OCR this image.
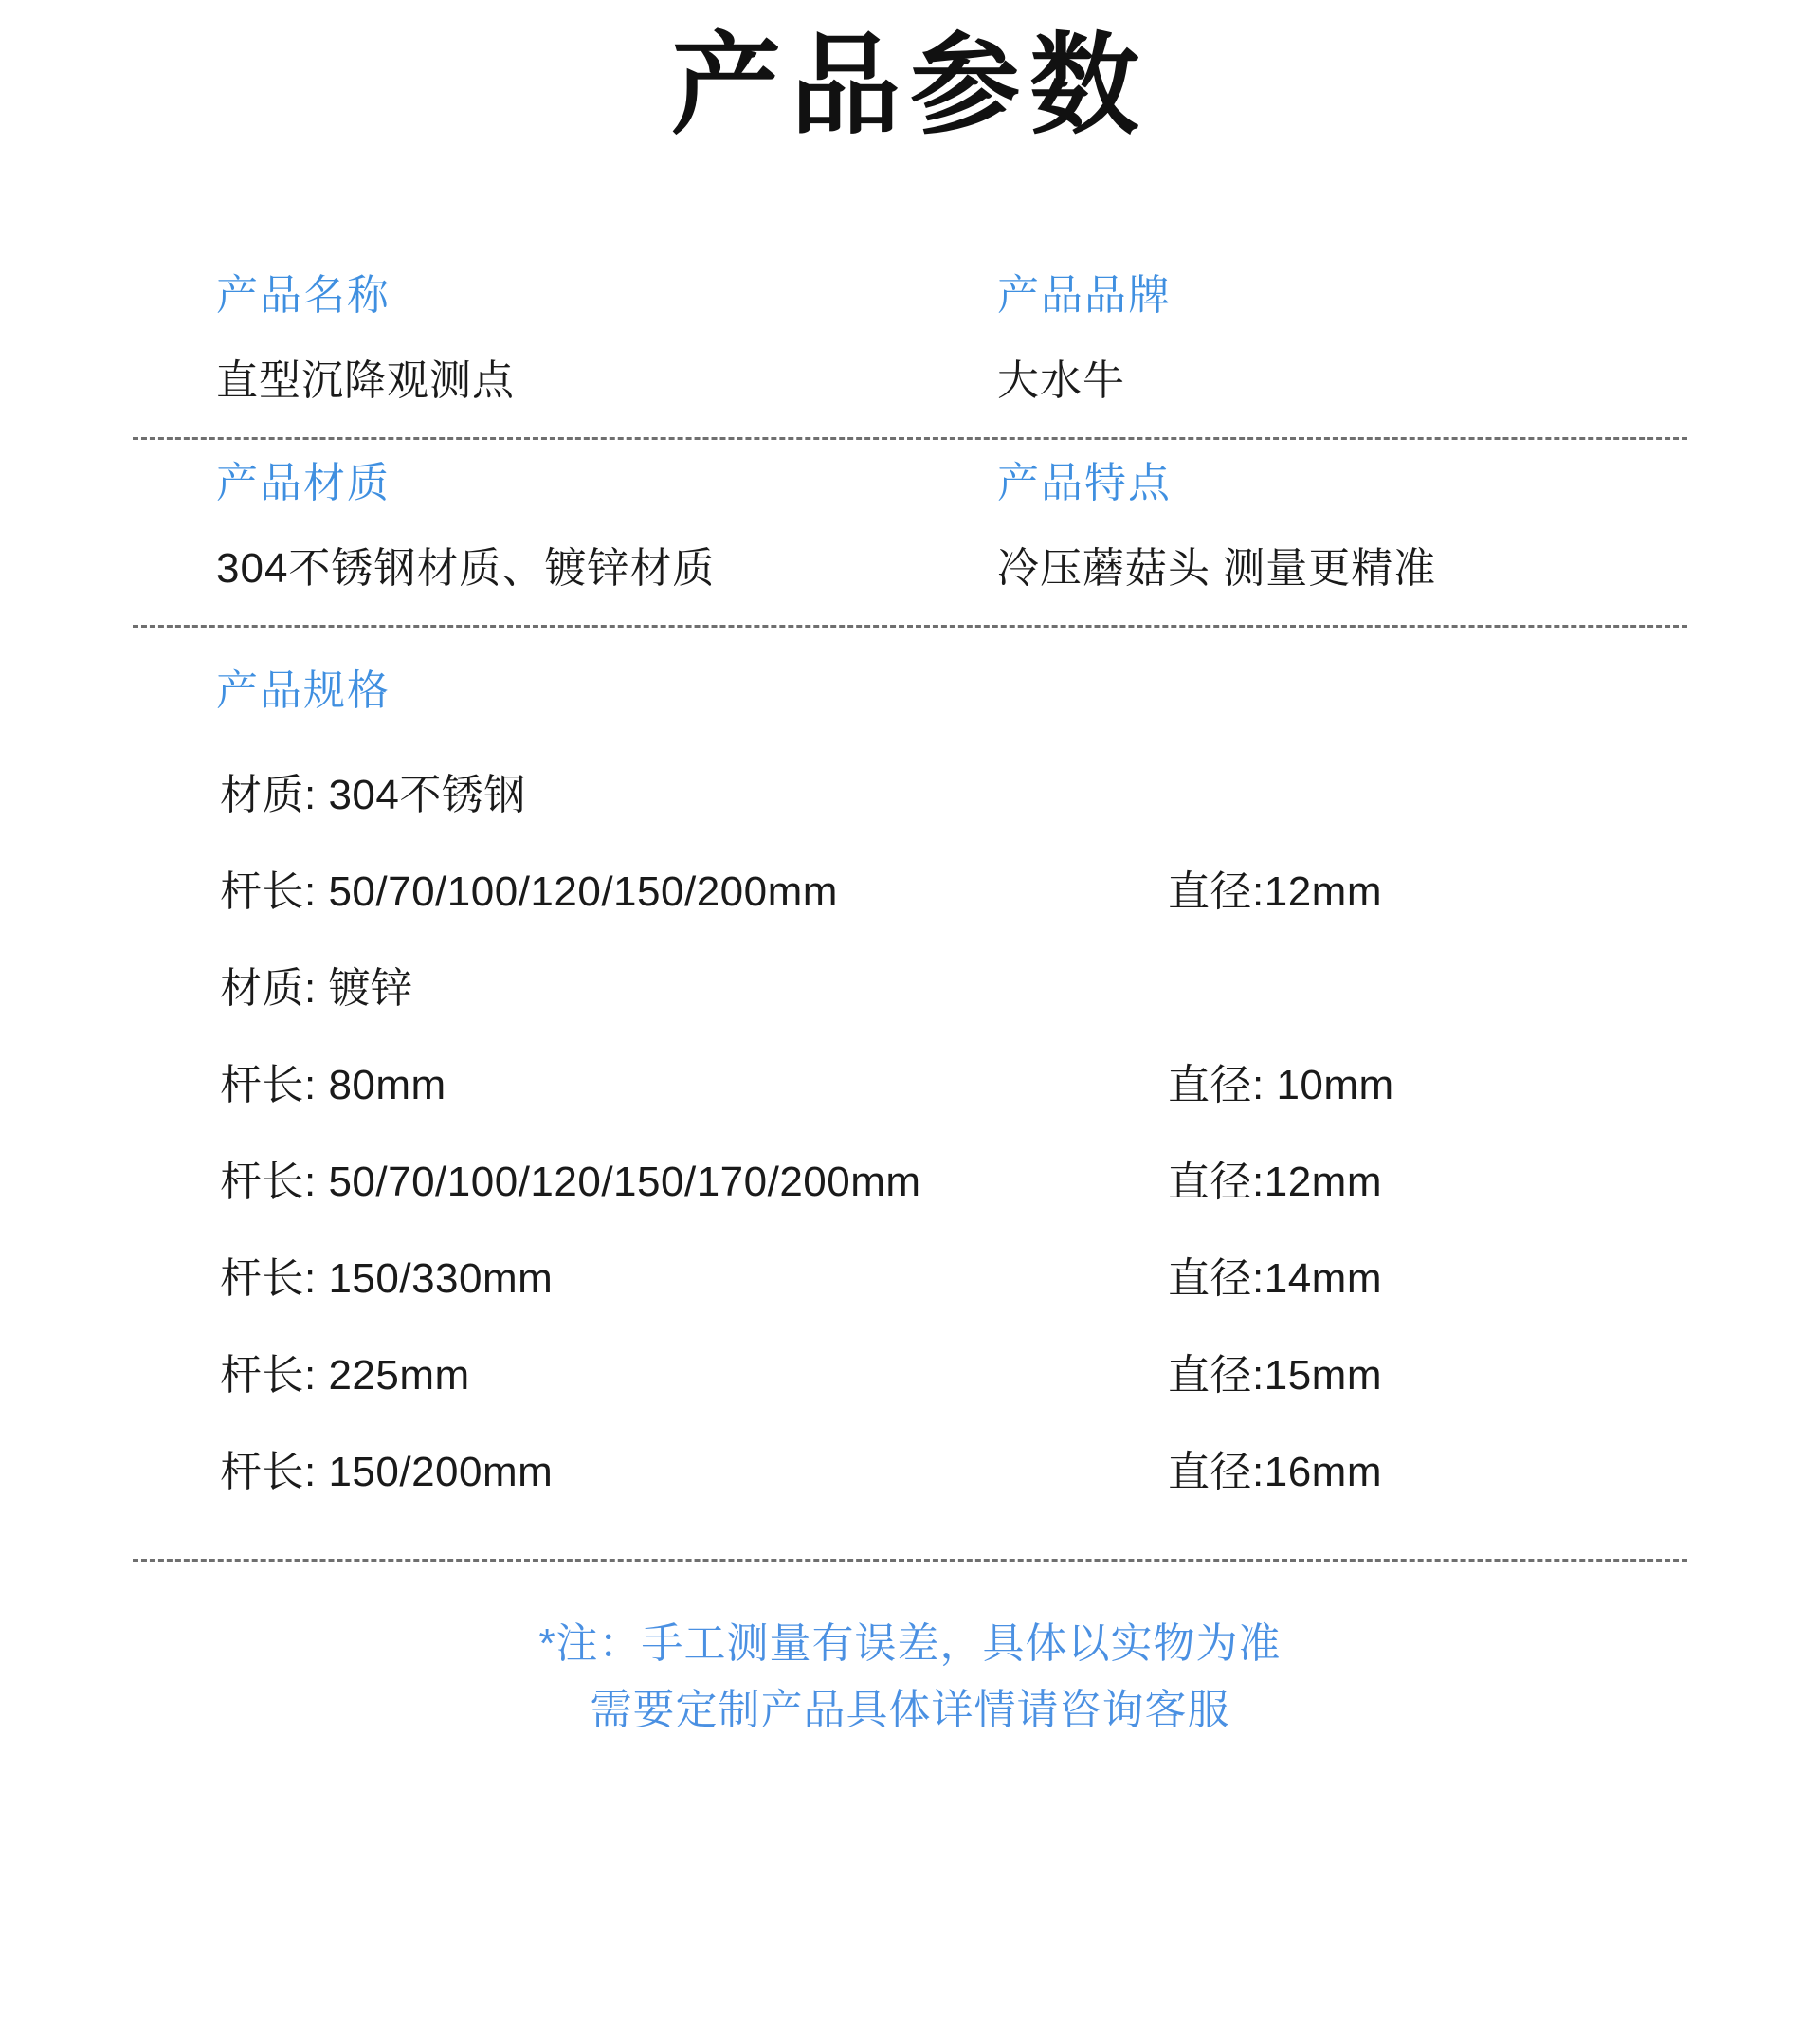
产品参数
产品名称
直型沉降观测点
产品品牌
大水牛
产品材质
304不锈钢材质、镀锌材质
产品特点
冷压蘑菇头 测量更精准
产品规格
材质: 304不锈钢
杆长: 50/70/100/120/150/200mm	直径:12mm
材质: 镀锌
杆长: 80mm	直径: 10mm
杆长: 50/70/100/120/150/170/200mm	直径:12mm
杆长: 150/330mm	直径:14mm
杆长: 225mm	直径:15mm
杆长: 150/200mm	直径:16mm
*注：手工测量有误差，具体以实物为准
需要定制产品具体详情请咨询客服
